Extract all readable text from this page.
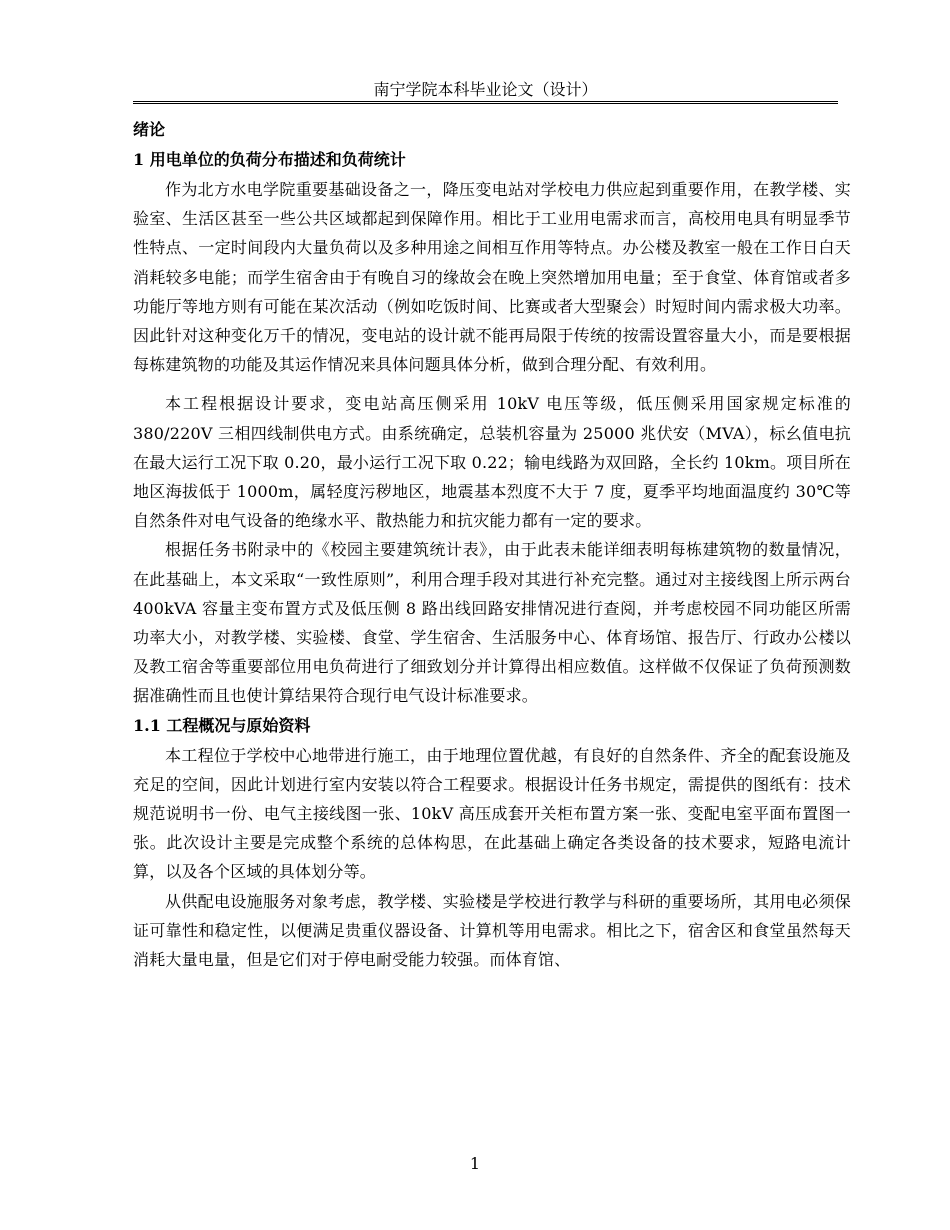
南宁学院本科毕业论文（设计）

绪论

1 用电单位的负荷分布描述和负荷统计

作为北方水电学院重要基础设备之一，降压变电站对学校电力供应起到重要作用，在教学楼、实验室、生活区甚至一些公共区域都起到保障作用。相比于工业用电需求而言，高校用电具有明显季节性特点、一定时间段内大量负荷以及多种用途之间相互作用等特点。办公楼及教室一般在工作日白天消耗较多电能；而学生宿舍由于有晚自习的缘故会在晚上突然增加用电量；至于食堂、体育馆或者多功能厅等地方则有可能在某次活动（例如吃饭时间、比赛或者大型聚会）时短时间内需求极大功率。因此针对这种变化万千的情况，变电站的设计就不能再局限于传统的按需设置容量大小，而是要根据每栋建筑物的功能及其运作情况来具体问题具体分析，做到合理分配、有效利用。

本工程根据设计要求，变电站高压侧采用 10kV 电压等级，低压侧采用国家规定标准的 380/220V 三相四线制供电方式。由系统确定，总装机容量为 25000 兆伏安（MVA），标幺值电抗在最大运行工况下取 0.20，最小运行工况下取 0.22；输电线路为双回路，全长约 10km。项目所在地区海拔低于 1000m，属轻度污秽地区，地震基本烈度不大于 7 度，夏季平均地面温度约 30℃等自然条件对电气设备的绝缘水平、散热能力和抗灾能力都有一定的要求。

根据任务书附录中的《校园主要建筑统计表》，由于此表未能详细表明每栋建筑物的数量情况，在此基础上，本文采取“一致性原则”，利用合理手段对其进行补充完整。通过对主接线图上所示两台 400kVA 容量主变布置方式及低压侧 8 路出线回路安排情况进行查阅，并考虑校园不同功能区所需功率大小，对教学楼、实验楼、食堂、学生宿舍、生活服务中心、体育场馆、报告厅、行政办公楼以及教工宿舍等重要部位用电负荷进行了细致划分并计算得出相应数值。这样做不仅保证了负荷预测数据准确性而且也使计算结果符合现行电气设计标准要求。

1.1 工程概况与原始资料

本工程位于学校中心地带进行施工，由于地理位置优越，有良好的自然条件、齐全的配套设施及充足的空间，因此计划进行室内安装以符合工程要求。根据设计任务书规定，需提供的图纸有：技术规范说明书一份、电气主接线图一张、10kV 高压成套开关柜布置方案一张、变配电室平面布置图一张。此次设计主要是完成整个系统的总体构思，在此基础上确定各类设备的技术要求，短路电流计算，以及各个区域的具体划分等。

从供配电设施服务对象考虑，教学楼、实验楼是学校进行教学与科研的重要场所，其用电必须保证可靠性和稳定性，以便满足贵重仪器设备、计算机等用电需求。相比之下，宿舍区和食堂虽然每天消耗大量电量，但是它们对于停电耐受能力较强。而体育馆、

1
